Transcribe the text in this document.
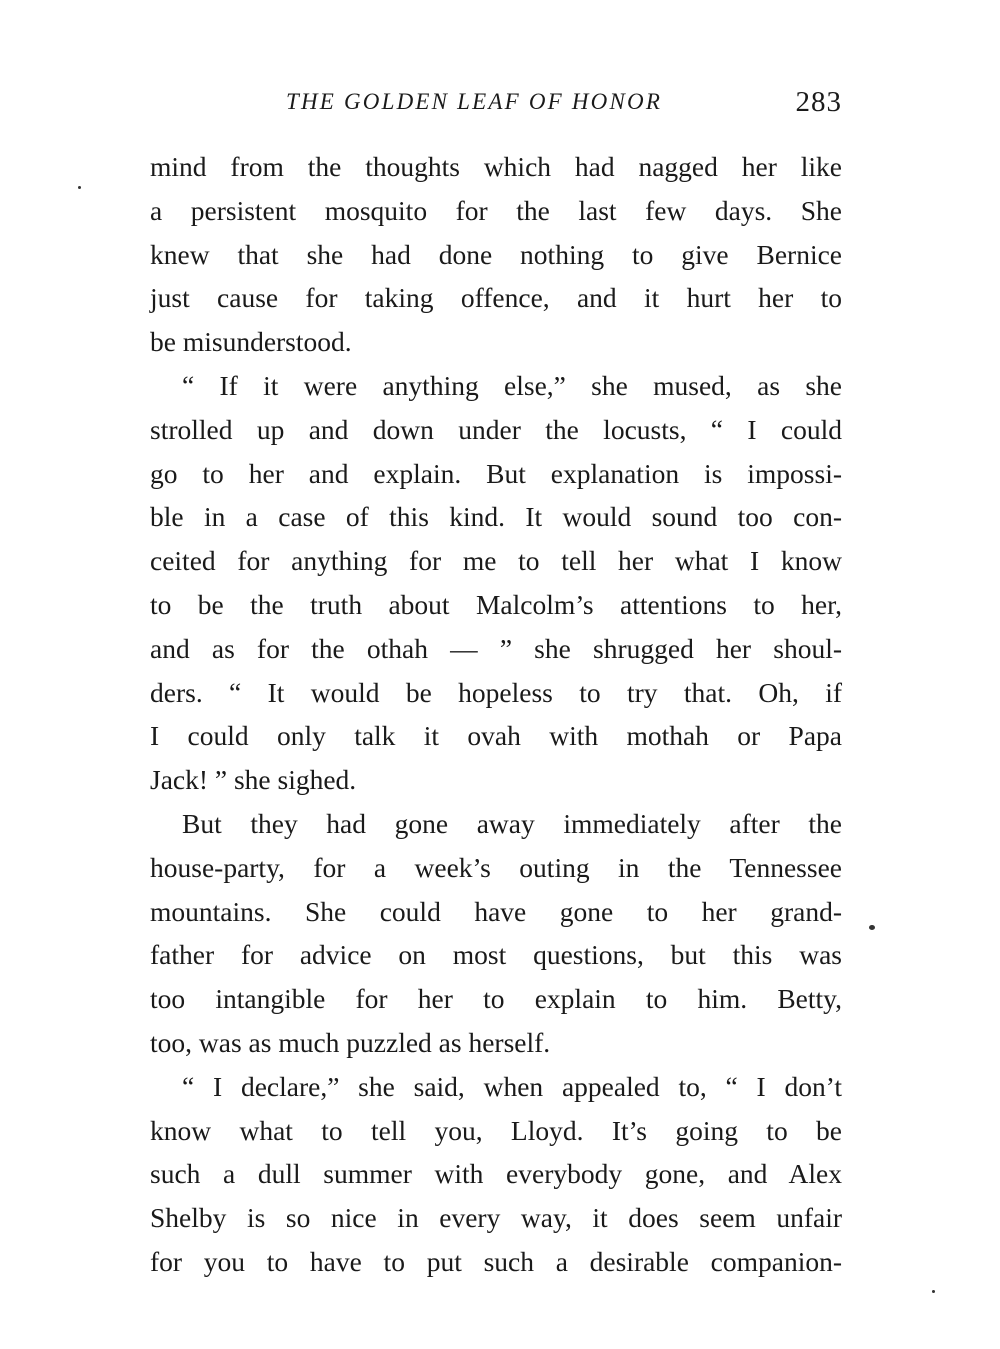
THE GOLDEN LEAF OF HONOR	283
mind from the thoughts which had nagged her like
a persistent mosquito for the last few days. She
knew that she had done nothing to give Bernice
just cause for taking offence, and it hurt her to
be misunderstood.
“ If it were anything else,” she mused, as she
strolled up and down under the locusts, “ I could
go to her and explain. But explanation is impossi-
ble in a case of this kind. It would sound too con-
ceited for anything for me to tell her what I know
to be the truth about Malcolm’s attentions to her,
and as for the othah — ” she shrugged her shoul-
ders. “ It would be hopeless to try that. Oh, if
I could only talk it ovah with mothah or Papa
Jack! ” she sighed.
But they had gone away immediately after the
house-party, for a week’s outing in the Tennessee
mountains. She could have gone to her grand-
father for advice on most questions, but this was
too intangible for her to explain to him. Betty,
too, was as much puzzled as herself.
“ I declare,” she said, when appealed to, “ I don’t
know what to tell you, Lloyd. It’s going to be
such a dull summer with everybody gone, and Alex
Shelby is so nice in every way, it does seem unfair
for you to have to put such a desirable companion-
